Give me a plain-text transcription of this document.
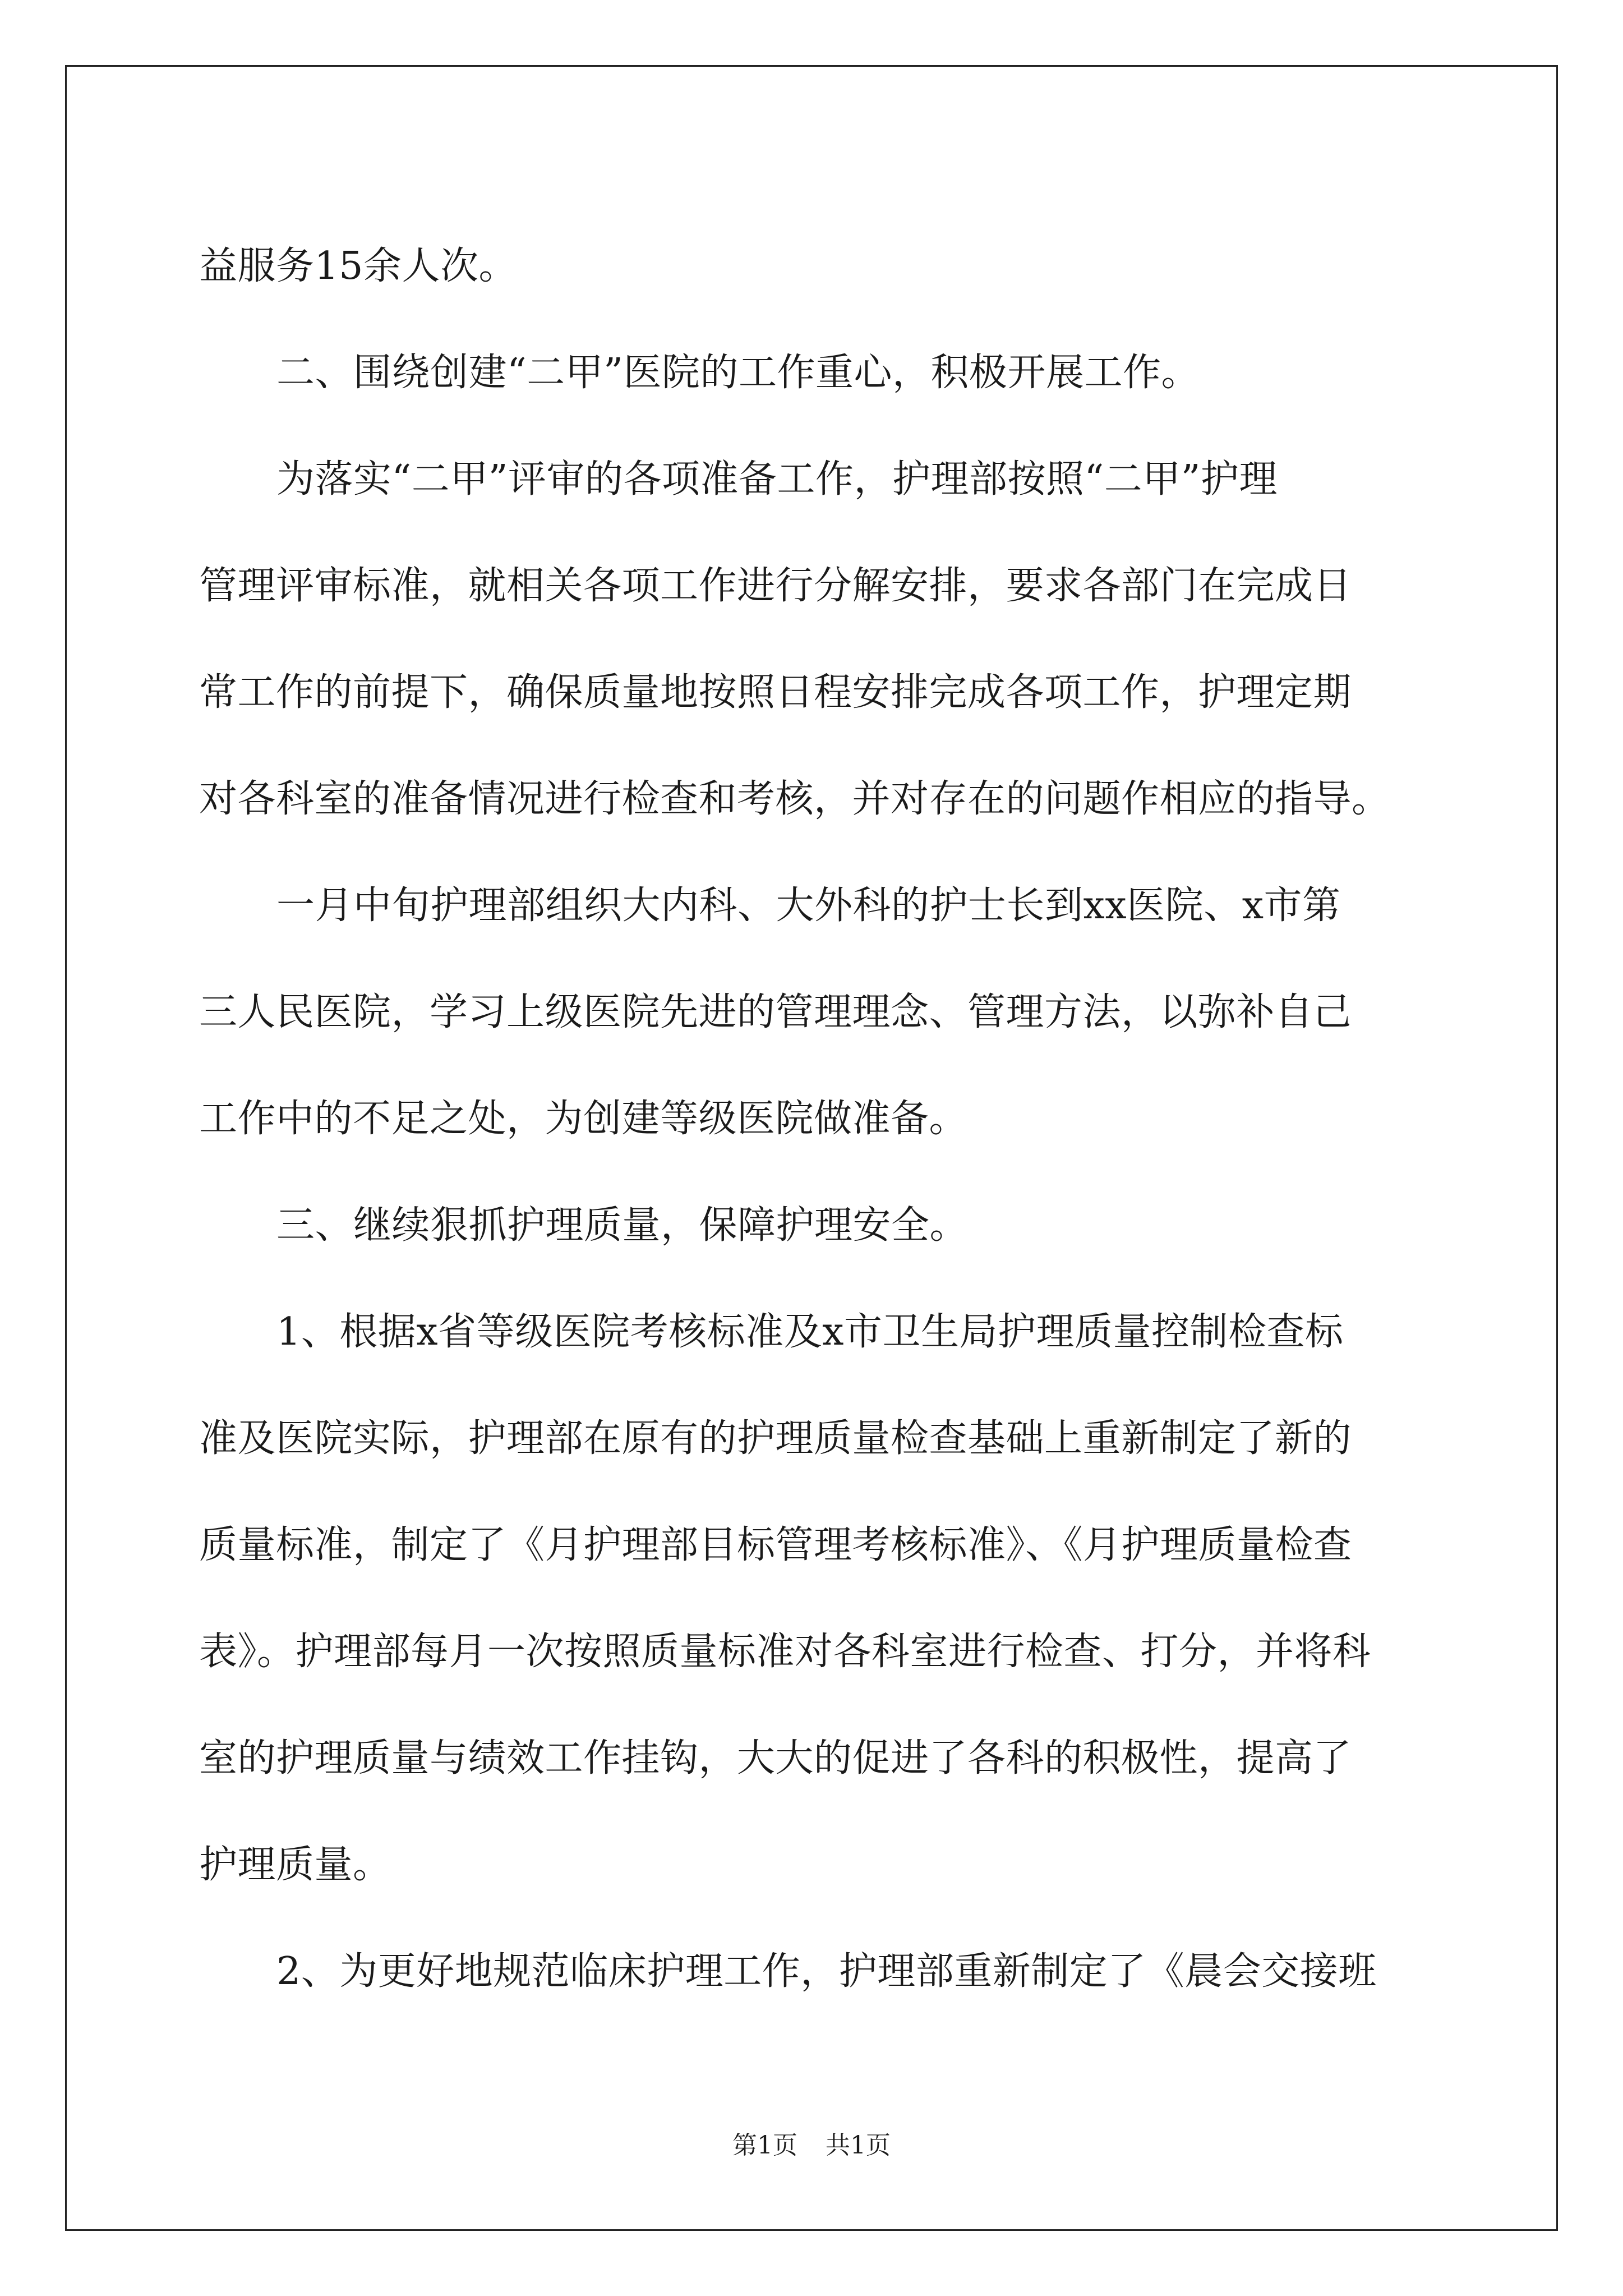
益服务15余人次。

二、围绕创建“二甲”医院的工作重心，积极开展工作。

为落实“二甲”评审的各项准备工作，护理部按照“二甲”护理

管理评审标准，就相关各项工作进行分解安排，要求各部门在完成日

常工作的前提下，确保质量地按照日程安排完成各项工作，护理定期

对各科室的准备情况进行检查和考核，并对存在的问题作相应的指导。

一月中旬护理部组织大内科、大外科的护士长到xx医院、x市第

三人民医院，学习上级医院先进的管理理念、管理方法，以弥补自己

工作中的不足之处，为创建等级医院做准备。

三、继续狠抓护理质量，保障护理安全。

1、根据x省等级医院考核标准及x市卫生局护理质量控制检查标

准及医院实际，护理部在原有的护理质量检查基础上重新制定了新的

质量标准，制定了《月护理部目标管理考核标准》、《月护理质量检查

表》。护理部每月一次按照质量标准对各科室进行检查、打分，并将科

室的护理质量与绩效工作挂钩，大大的促进了各科的积极性，提高了

护理质量。

2、为更好地规范临床护理工作，护理部重新制定了《晨会交接班

第1页 共1页
